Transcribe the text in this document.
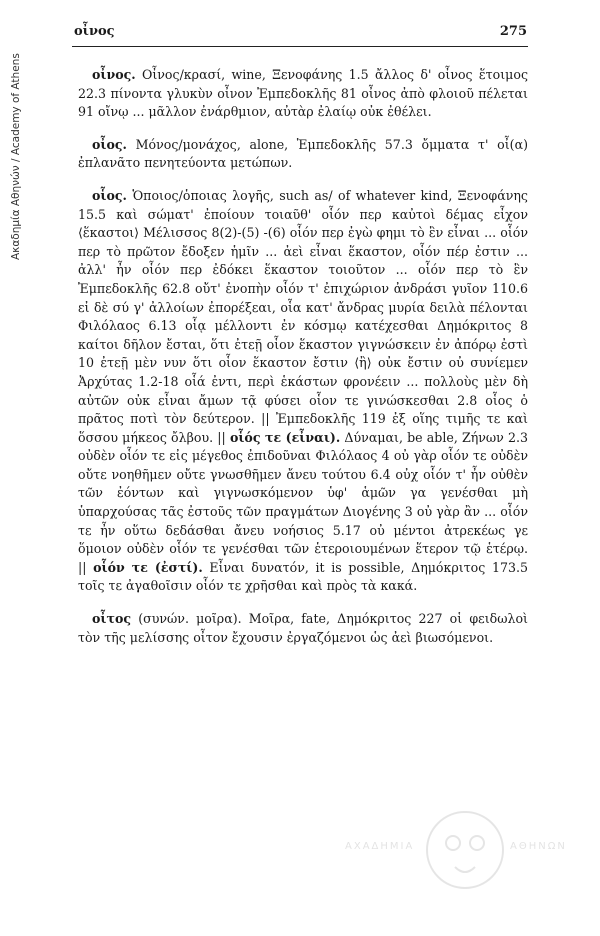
οἶνος	275
Ακαδημία Αθηνών / Academy of Athens	οἶνος. Οἶνος/κρασί, wine, Ξενοφάνης 1.5 ἄλλος δ' οἶνος ἕτοιμος 22.3 πίνοντα γλυκὺν οἶνον Ἐμπεδοκλῆς 81 οἶνος ἀπὸ φλοιοῦ πέλεται 91 οἴνῳ ... μᾶλλον ἐνάρθμιον, αὐτὰρ ἐλαίῳ οὐκ ἐθέλει.

οἶος. Μόνος/μονάχος, alone, Ἐμπεδοκλῆς 57.3 ὄμματα τ' οἶ(α) ἐπλανᾶτο πενητεύοντα μετώπων.

οἷος. Ὁποιος/ὁποιας λογῆς, such as/ of whatever kind, Ξενοφάνης 15.5 καὶ σώματ' ἐποίουν τοιαῦθ' οἷόν περ καὐτοὶ δέμας εἶχον ⟨ἕκαστοι⟩ Μέλισσος 8(2)-(5) -(6) οἷόν περ ἐγὼ φημι τὸ ἓν εἶναι ... οἷόν περ τὸ πρῶτον ἔδοξεν ἡμῖν ... ἀεὶ εἶναι ἕκαστον, οἷόν πέρ ἐστιν ... ἀλλ' ἦν οἷόν περ ἐδόκει ἕκαστον τοιοῦτον ... οἷόν περ τὸ ἓν Ἐμπεδοκλῆς 62.8 οὔτ' ἐνοπὴν οἷόν τ' ἐπιχώριον ἀνδράσι γυῖον 110.6 εἰ δὲ σύ γ' ἀλλοίων ἐπορέξεαι, οἷα κατ' ἄνδρας μυρία δειλὰ πέλονται Φιλόλαος 6.13 οἷᾳ μέλλοντι ἐν κόσμῳ κατέχεσθαι Δημόκριτος 8 καίτοι δῆλον ἔσται, ὅτι ἐτεῇ οἷον ἕκαστον γιγνώσκειν ἐν ἀπόρῳ ἐστὶ 10 ἐτεῇ μὲν νυν ὅτι οἷον ἕκαστον ἔστιν ⟨ἢ⟩ οὐκ ἔστιν οὐ συνίεμεν Ἀρχύτας 1.2-18 οἷά ἐντι, περὶ ἑκάστων φρονέειν ... πολλοὺς μὲν δὴ αὐτῶν οὐκ εἶναι ἄμων τᾷ φύσει οἷον τε γινώσκεσθαι 2.8 οἷος ὁ πρᾶτος ποτὶ τὸν δεύτερον. || Ἐμπεδοκλῆς 119 ἐξ οἵης τιμῆς τε καὶ ὅσσου μήκεος ὄλβου. || οἷός τε (εἶναι). Δύναμαι, be able, Ζήνων 2.3 οὐδὲν οἷόν τε εἰς μέγεθος ἐπιδοῦναι Φιλόλαος 4 οὐ γὰρ οἷόν τε οὐδὲν οὔτε νοηθῆμεν οὔτε γνωσθῆμεν ἄνευ τούτου 6.4 οὐχ οἷόν τ' ἦν οὐθὲν τῶν ἐόντων καὶ γιγνωσκόμενον ὑφ' ἁμῶν γα γενέσθαι μὴ ὑπαρχούσας τᾶς ἐστοῦς τῶν πραγμάτων Διογένης 3 οὐ γὰρ ἂν ... οἷόν τε ἦν οὕτω δεδάσθαι ἄνευ νοήσιος 5.17 οὐ μέντοι ἀτρεκέως γε ὅμοιον οὐδὲν οἷόν τε γενέσθαι τῶν ἑτεροιουμένων ἕτερον τῷ ἑτέρῳ. || οἷόν τε (ἐστί). Εἶναι δυνατόν, it is possible, Δημόκριτος 173.5 τοῖς τε ἀγαθοῖσιν οἷόν τε χρῆσθαι καὶ πρὸς τὰ κακά.

οἶτος (συνών. μοῖρα). Μοῖρα, fate, Δημόκριτος 227 οἱ φειδωλοὶ τὸν τῆς μελίσσης οἶτον ἔχουσιν ἐργαζόμενοι ὡς ἀεὶ βιωσόμενοι.

ΑΧΑΔΗΜΙΑ	ΑΘΗΝΩΝ
